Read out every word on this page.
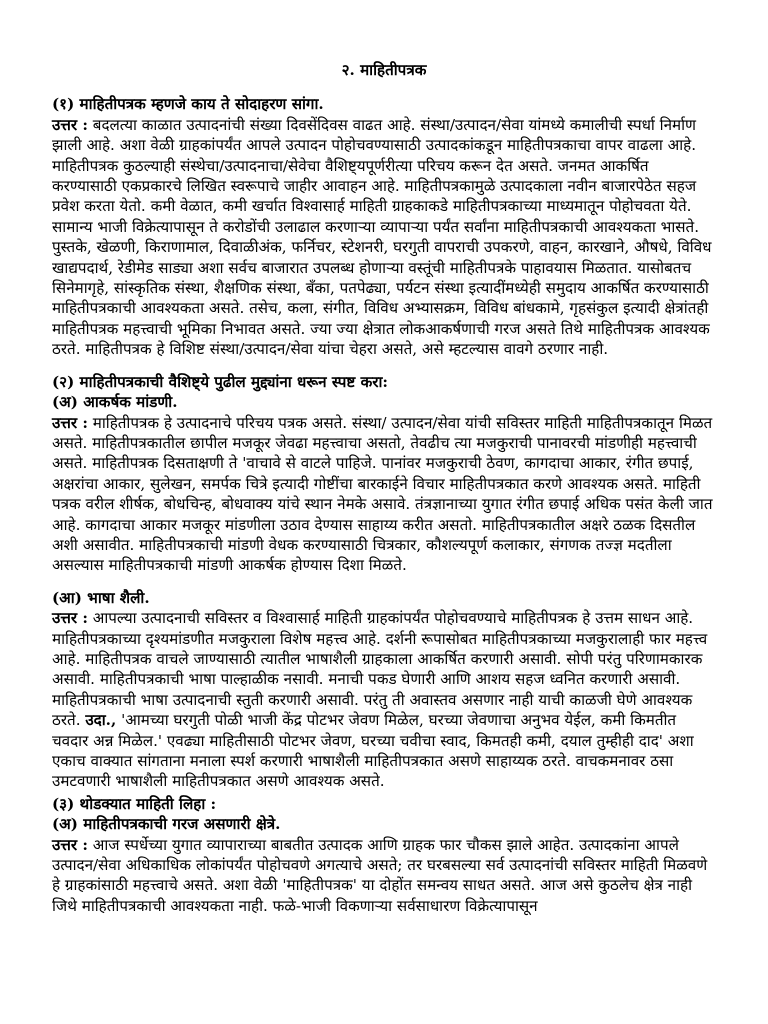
२. माहितीपत्रक
(१) माहितीपत्रक म्हणजे काय ते सोदाहरण सांगा.

उत्तर : बदलत्या काळात उत्पादनांची संख्या दिवसेंदिवस वाढत आहे. संस्था/उत्पादन/सेवा यांमध्ये कमालीची स्पर्धा निर्माण झाली आहे. अशा वेळी ग्राहकांपर्यंत आपले उत्पादन पोहोचवण्यासाठी उत्पादकांकडून माहितीपत्रकाचा वापर वाढला आहे. माहितीपत्रक कुठल्याही संस्थेचा/उत्पादनाचा/सेवेचा वैशिष्ट्यपूर्णरीत्या परिचय करून देत असते. जनमत आकर्षित करण्यासाठी एकप्रकारचे लिखित स्वरूपाचे जाहीर आवाहन आहे. माहितीपत्रकामुळे उत्पादकाला नवीन बाजारपेठेत सहज प्रवेश करता येतो. कमी वेळात, कमी खर्चात विश्वासार्ह माहिती ग्राहकाकडे माहितीपत्रकाच्या माध्यमातून पोहोचवता येते. सामान्य भाजी विक्रेत्यापासून ते करोडोंची उलाढाल करणाऱ्या व्यापाऱ्या पर्यंत सर्वांना माहितीपत्रकाची आवश्यकता भासते. पुस्तके, खेळणी, किराणामाल, दिवाळीअंक, फर्निचर, स्टेशनरी, घरगुती वापराची उपकरणे, वाहन, कारखाने, औषधे, विविध खाद्यपदार्थ, रेडीमेड साड्या अशा सर्वच बाजारात उपलब्ध होणाऱ्या वस्तूंची माहितीपत्रके पाहावयास मिळतात. यासोबतच सिनेमागृहे, सांस्कृतिक संस्था, शैक्षणिक संस्था, बँका, पतपेढ्या, पर्यटन संस्था इत्यादींमध्येही समुदाय आकर्षित करण्यासाठी माहितीपत्रकाची आवश्यकता असते. तसेच, कला, संगीत, विविध अभ्यासक्रम, विविध बांधकामे, गृहसंकुल इत्यादी क्षेत्रांतही माहितीपत्रक महत्त्वाची भूमिका निभावत असते. ज्या ज्या क्षेत्रात लोकआकर्षणाची गरज असते तिथे माहितीपत्रक आवश्यक ठरते. माहितीपत्रक हे विशिष्ट संस्था/उत्पादन/सेवा यांचा चेहरा असते, असे म्हटल्यास वावगे ठरणार नाही.

(२) माहितीपत्रकाची वैशिष्ट्ये पुढील मुद्द्यांना धरून स्पष्ट करा:
(अ) आकर्षक मांडणी.

उत्तर : माहितीपत्रक हे उत्पादनाचे परिचय पत्रक असते. संस्था/ उत्पादन/सेवा यांची सविस्तर माहिती माहितीपत्रकातून मिळत असते. माहितीपत्रकातील छापील मजकूर जेवढा महत्त्वाचा असतो, तेवढीच त्या मजकुराची पानावरची मांडणीही महत्त्वाची असते. माहितीपत्रक दिसताक्षणी ते 'वाचावे से वाटले पाहिजे. पानांवर मजकुराची ठेवण, कागदाचा आकार, रंगीत छपाई, अक्षरांचा आकार, सुलेखन, समर्पक चित्रे इत्यादी गोष्टींचा बारकाईने विचार माहितीपत्रकात करणे आवश्यक असते. माहिती पत्रक वरील शीर्षक, बोधचिन्ह, बोधवाक्य यांचे स्थान नेमके असावे. तंत्रज्ञानाच्या युगात रंगीत छपाई अधिक पसंत केली जात आहे. कागदाचा आकार मजकूर मांडणीला उठाव देण्यास साहाय्य करीत असतो. माहितीपत्रकातील अक्षरे ठळक दिसतील अशी असावीत. माहितीपत्रकाची मांडणी वेधक करण्यासाठी चित्रकार, कौशल्यपूर्ण कलाकार, संगणक तज्ज्ञ मदतीला असल्यास माहितीपत्रकाची मांडणी आकर्षक होण्यास दिशा मिळते.

(आ) भाषा शैली.

उत्तर : आपल्या उत्पादनाची सविस्तर व विश्वासार्ह माहिती ग्राहकांपर्यंत पोहोचवण्याचे माहितीपत्रक हे उत्तम साधन आहे. माहितीपत्रकाच्या दृश्यमांडणीत मजकुराला विशेष महत्त्व आहे. दर्शनी रूपासोबत माहितीपत्रकाच्या मजकुरालाही फार महत्त्व आहे. माहितीपत्रक वाचले जाण्यासाठी त्यातील भाषाशैली ग्राहकाला आकर्षित करणारी असावी. सोपी परंतु परिणामकारक असावी. माहितीपत्रकाची भाषा पाल्हाळीक नसावी. मनाची पकड घेणारी आणि आशय सहज ध्वनित करणारी असावी. माहितीपत्रकाची भाषा उत्पादनाची स्तुती करणारी असावी. परंतु ती अवास्तव असणार नाही याची काळजी घेणे आवश्यक ठरते. उदा., 'आमच्या घरगुती पोळी भाजी केंद्र पोटभर जेवण मिळेल, घरच्या जेवणाचा अनुभव येईल, कमी किमतीत चवदार अन्न मिळेल.' एवढ्या माहितीसाठी पोटभर जेवण, घरच्या चवीचा स्वाद, किमतही कमी, दयाल तुम्हीही दाद' अशा एकाच वाक्यात सांगताना मनाला स्पर्श करणारी भाषाशैली माहितीपत्रकात असणे साहाय्यक ठरते. वाचकमनावर ठसा उमटवणारी भाषाशैली माहितीपत्रकात असणे आवश्यक असते.

(३) थोडक्यात माहिती लिहा :
(अ) माहितीपत्रकाची गरज असणारी क्षेत्रे.

उत्तर : आज स्पर्धेच्या युगात व्यापाराच्या बाबतीत उत्पादक आणि ग्राहक फार चौकस झाले आहेत. उत्पादकांना आपले उत्पादन/सेवा अधिकाधिक लोकांपर्यंत पोहोचवणे अगत्याचे असते; तर घरबसल्या सर्व उत्पादनांची सविस्तर माहिती मिळवणे हे ग्राहकांसाठी महत्त्वाचे असते. अशा वेळी 'माहितीपत्रक' या दोहोंत समन्वय साधत असते. आज असे कुठलेच क्षेत्र नाही जिथे माहितीपत्रकाची आवश्यकता नाही. फळे-भाजी विकणाऱ्या सर्वसाधारण विक्रेत्यापासून
